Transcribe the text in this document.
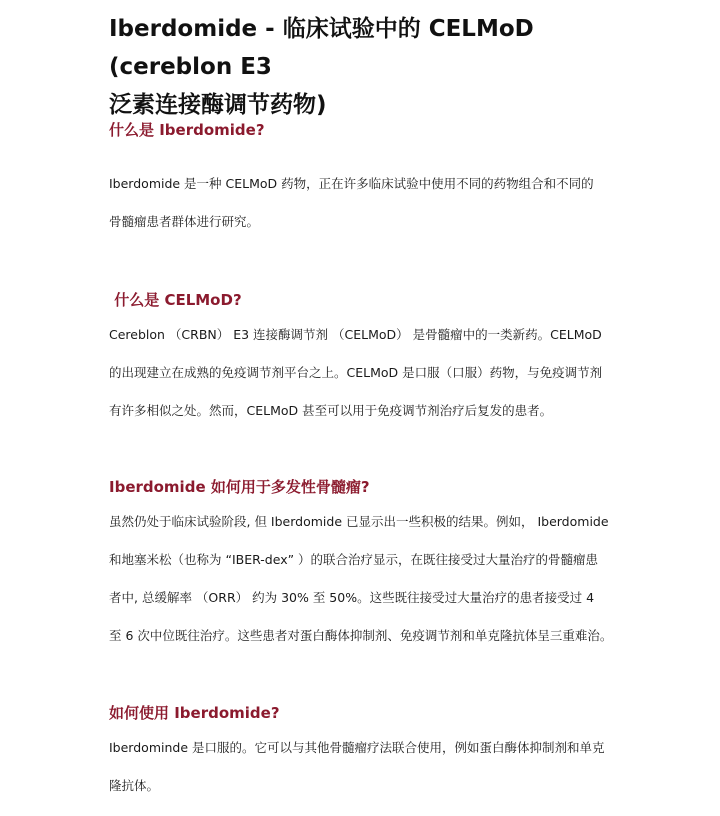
Iberdomide - 临床试验中的 CELMoD (cereblon E3
泛素连接酶调节药物)
什么是 Iberdomide?
Iberdomide 是一种 CELMoD 药物，正在许多临床试验中使用不同的药物组合和不同的
骨髓瘤患者群体进行研究。
什么是 CELMoD?
Cereblon （CRBN） E3 连接酶调节剂 （CELMoD） 是骨髓瘤中的一类新药。CELMoD
的出现建立在成熟的免疫调节剂平台之上。CELMoD 是口服（口服）药物，与免疫调节剂
有许多相似之处。然而，CELMoD 甚至可以用于免疫调节剂治疗后复发的患者。
Iberdomide 如何用于多发性骨髓瘤?
虽然仍处于临床试验阶段, 但 Iberdomide 已显示出一些积极的结果。例如， Iberdomide
和地塞米松（也称为 “IBER-dex” ）的联合治疗显示，在既往接受过大量治疗的骨髓瘤患
者中, 总缓解率 （ORR） 约为 30% 至 50%。这些既往接受过大量治疗的患者接受过 4
至 6 次中位既往治疗。这些患者对蛋白酶体抑制剂、免疫调节剂和单克隆抗体呈三重难治。
如何使用 Iberdomide?
Iberdominde 是口服的。它可以与其他骨髓瘤疗法联合使用，例如蛋白酶体抑制剂和单克
隆抗体。
